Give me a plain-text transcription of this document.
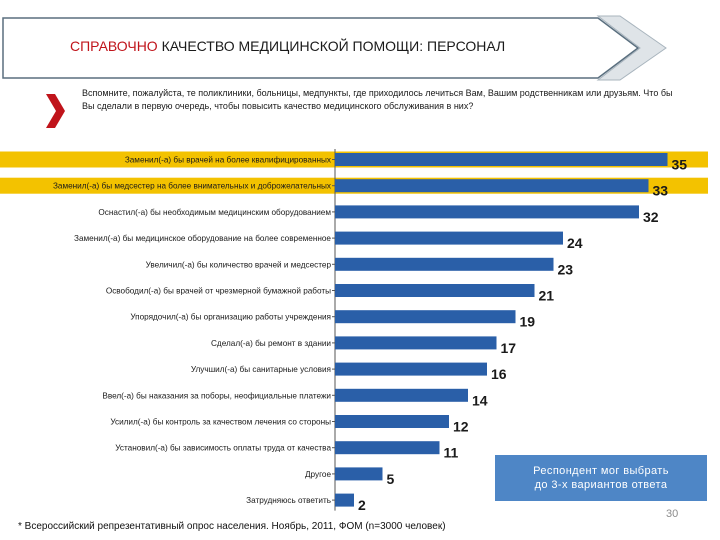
СПРАВОЧНО КАЧЕСТВО МЕДИЦИНСКОЙ ПОМОЩИ: ПЕРСОНАЛ
Вспомните, пожалуйста, те поликлиники, больницы, медпункты, где приходилось лечиться Вам, Вашим родственникам или друзьям. Что бы Вы сделали в первую очередь, чтобы повысить качество медицинского обслуживания в них?
Заменил(-а) бы врачей на более квалифицированных	35
Заменил(-а) бы медсестер на более внимательных и доброжелательных	33
Оснастил(-а) бы необходимым медицинским оборудованием	32
Заменил(-а) бы медицинское оборудование на более современное	24
Увеличил(-а) бы количество врачей и медсестер	23
Освободил(-а) бы врачей от чрезмерной бумажной работы	21
Упорядочил(-а) бы организацию работы учреждения	19
Сделал(-а) бы ремонт в здании	17
Улучшил(-а) бы санитарные условия	16
Ввел(-а) бы наказания за поборы, неофициальные платежи	14
Усилил(-а) бы контроль за качеством лечения со стороны	12
Установил(-а) бы зависимость оплаты труда от качества	11
Другое	5
Затрудняюсь ответить 2
Респондент мог выбрать
до 3-х вариантов ответа
* Всероссийский репрезентативный опрос населения. Ноябрь, 2011, ФОМ (n=3000 человек)
30
